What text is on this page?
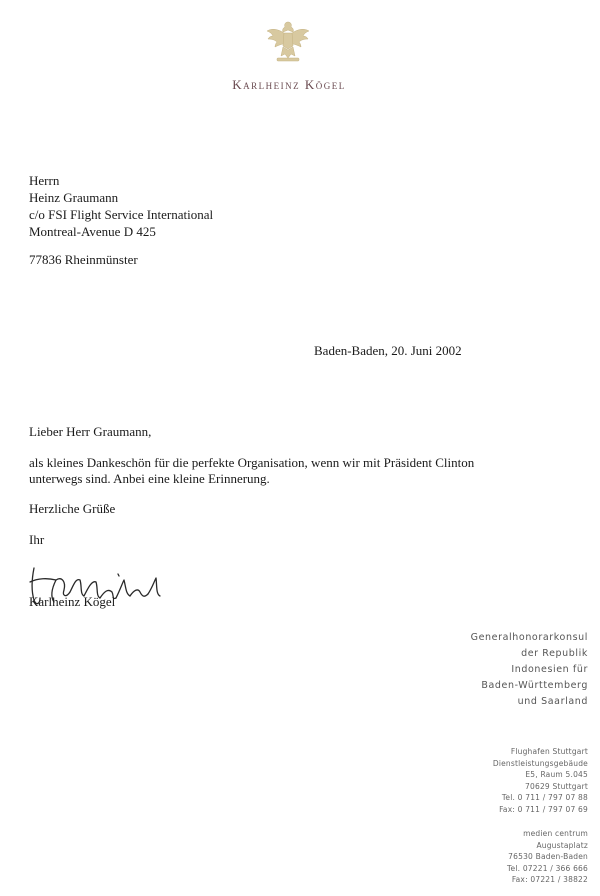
Karlheinz Kögel
Herrn
Heinz Graumann
c/o FSI Flight Service International
Montreal-Avenue D 425
77836 Rheinmünster
Baden-Baden, 20. Juni 2002
Lieber Herr Graumann,
als kleines Dankeschön für die perfekte Organisation, wenn wir mit Präsident Clinton unterwegs sind. Anbei eine kleine Erinnerung.
Herzliche Grüße
Ihr
Karlheinz Kögel
Generalhonorarkonsul
der Republik
Indonesien für
Baden-Württemberg
und Saarland
Flughafen Stuttgart
Dienstleistungsgebäude
E5, Raum 5.045
70629 Stuttgart
Tel. 0 711 / 797 07 88
Fax: 0 711 / 797 07 69
medien centrum
Augustaplatz
76530 Baden-Baden
Tel. 07221 / 366 666
Fax: 07221 / 38822
